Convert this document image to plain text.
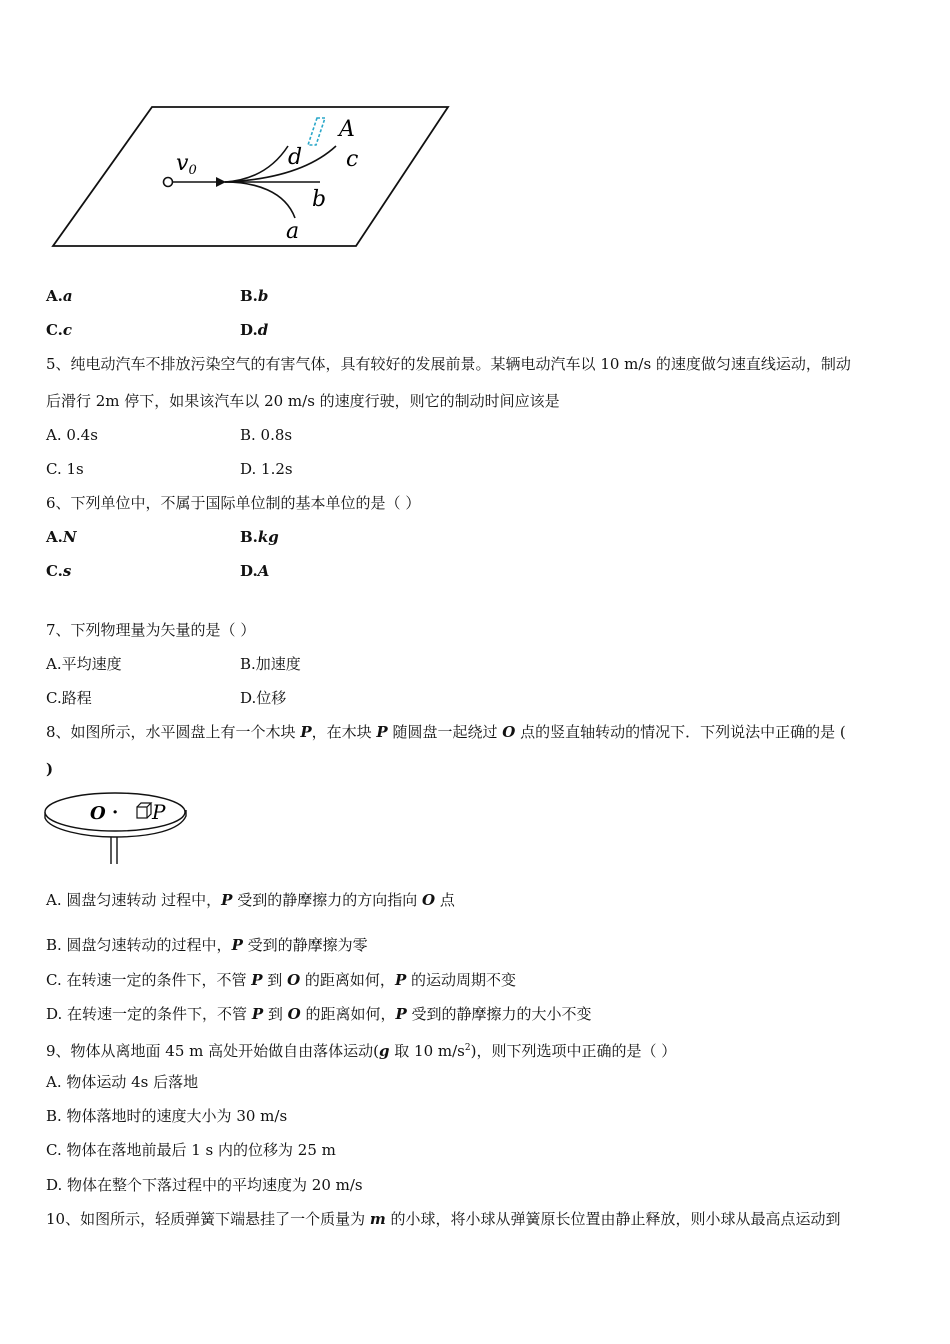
v0
A
d c
b
a
A.a	B.b
C.c	D.d
5、纯电动汽车不排放污染空气的有害气体，具有较好的发展前景。某辆电动汽车以 10 m/s 的速度做匀速直线运动，制动
后滑行 2m 停下，如果该汽车以 20 m/s 的速度行驶，则它的制动时间应该是
A. 0.4s	B. 0.8s
C. 1s	D. 1.2s
6、下列单位中，不属于国际单位制的基本单位的是（ ）
A.N	B.kg
C.s	D.A
7、下列物理量为矢量的是（ ）
A.平均速度	B.加速度
C.路程	D.位移
8、如图所示，水平圆盘上有一个木块 P，在木块 P 随圆盘一起绕过 O 点的竖直轴转动的情况下．下列说法中正确的是 (
)
O · P
A. 圆盘匀速转动 过程中，P 受到的静摩擦力的方向指向 O 点
B. 圆盘匀速转动的过程中，P 受到的静摩擦为零
C. 在转速一定的条件下，不管 P 到 O 的距离如何，P 的运动周期不变
D. 在转速一定的条件下，不管 P 到 O 的距离如何，P 受到的静摩擦力的大小不变
9、物体从离地面 45 m 高处开始做自由落体运动(g 取 10 $m/s^2$)，则下列选项中正确的是（ ）
A. 物体运动 4s 后落地
B. 物体落地时的速度大小为 30 m/s
C. 物体在落地前最后 1 s 内的位移为 25 m
D. 物体在整个下落过程中的平均速度为 20 m/s
10、如图所示，轻质弹簧下端悬挂了一个质量为 m 的小球，将小球从弹簧原长位置由静止释放，则小球从最高点运动到
